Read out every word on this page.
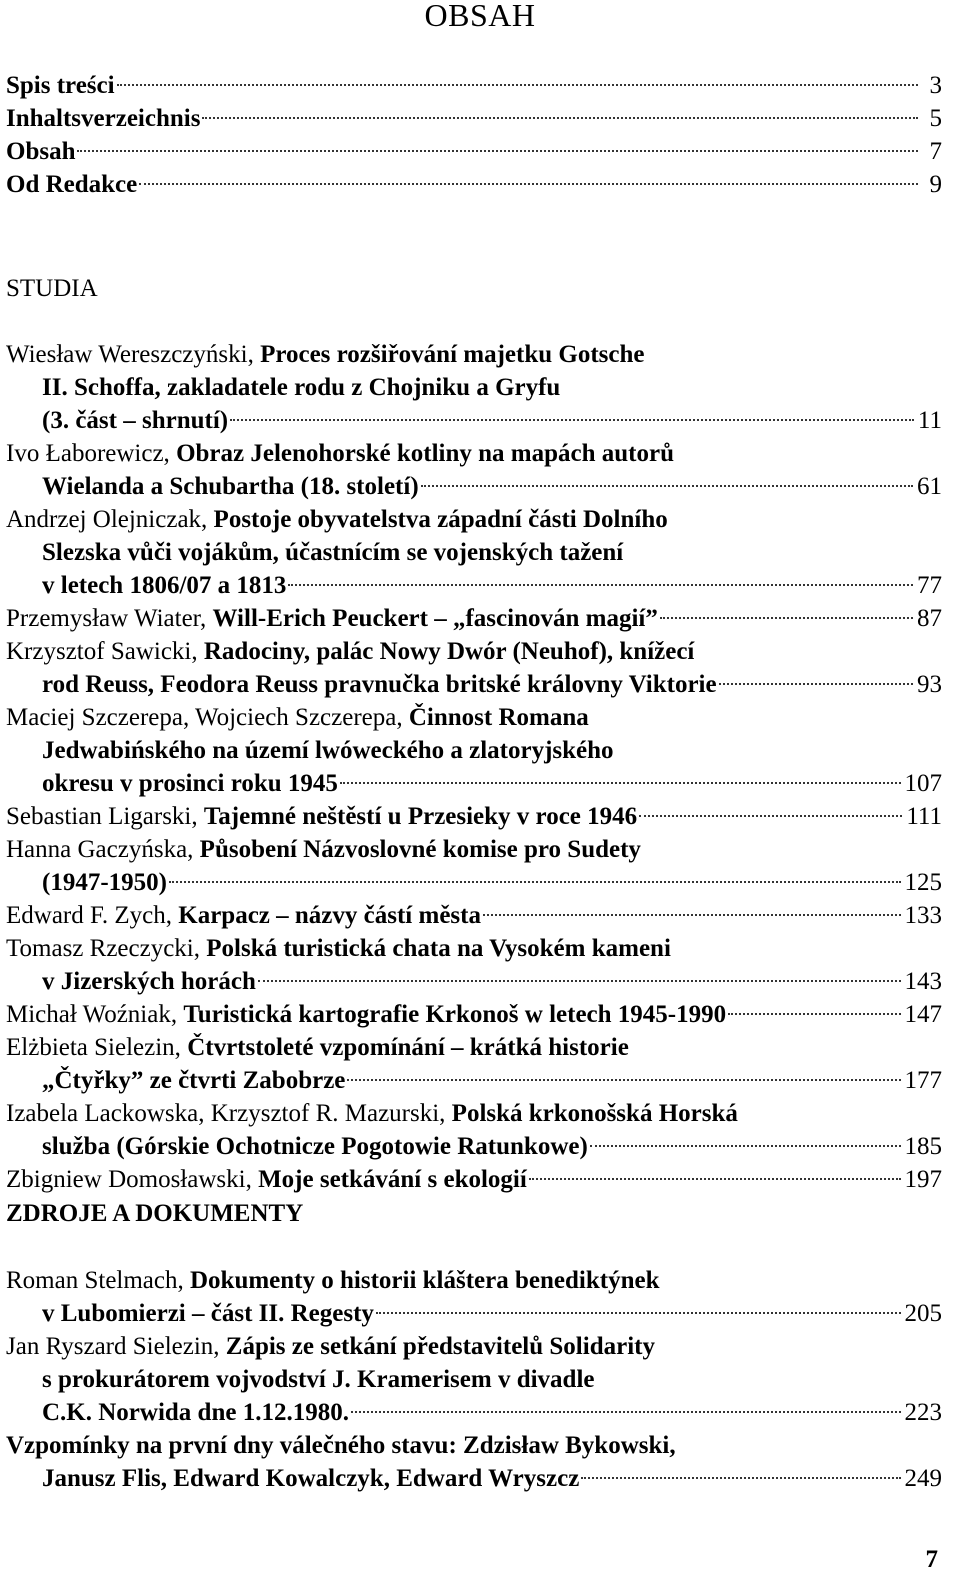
OBSAH
Spis treści	3
Inhaltsverzeichnis	5
Obsah	7
Od Redakce	9
STUDIA
Wiesław Wereszczyński, Proces rozšiřování majetku Gotsche
II. Schoffa, zakladatele rodu z Chojniku a Gryfu
(3. část – shrnutí)	11
Ivo Łaborewicz, Obraz Jelenohorské kotliny na mapách autorů
Wielanda a Schubartha (18. století)	61
Andrzej Olejniczak, Postoje obyvatelstva západní části Dolního
Slezska vůči vojákům, účastnícím se vojenských tažení
v letech 1806/07 a 1813	77
Przemysław Wiater, Will-Erich Peuckert – „fascinován magií”	87
Krzysztof Sawicki, Radociny, palác Nowy Dwór (Neuhof), knížecí
rod Reuss, Feodora Reuss pravnučka britské královny Viktorie	93
Maciej Szczerepa, Wojciech Szczerepa, Činnost Romana
Jedwabińského na území lwóweckého a zlatoryjského
okresu v prosinci roku 1945	107
Sebastian Ligarski, Tajemné neštěstí u Przesieky v roce 1946	111
Hanna Gaczyńska, Působení Názvoslovné komise pro Sudety
(1947-1950)	125
Edward F. Zych, Karpacz – názvy částí města	133
Tomasz Rzeczycki, Polská turistická chata na Vysokém kameni
v Jizerských horách	143
Michał Woźniak, Turistická kartografie Krkonoš w letech 1945-1990	147
Elżbieta Sielezin, Čtvrtstoleté vzpomínání – krátká historie
„Čtyřky” ze čtvrti Zabobrze	177
Izabela Lackowska, Krzysztof R. Mazurski, Polská krkonošská Horská
služba (Górskie Ochotnicze Pogotowie Ratunkowe)	185
Zbigniew Domosławski, Moje setkávání s ekologií	197
ZDROJE A DOKUMENTY
Roman Stelmach, Dokumenty o historii kláštera benediktýnek
v Lubomierzi – část II. Regesty	205
Jan Ryszard Sielezin, Zápis ze setkání představitelů Solidarity
s prokurátorem vojvodství J. Kramerisem v divadle
C.K. Norwida dne 1.12.1980.	223
Vzpomínky na první dny válečného stavu: Zdzisław Bykowski,
Janusz Flis, Edward Kowalczyk, Edward Wryszcz	249
7
